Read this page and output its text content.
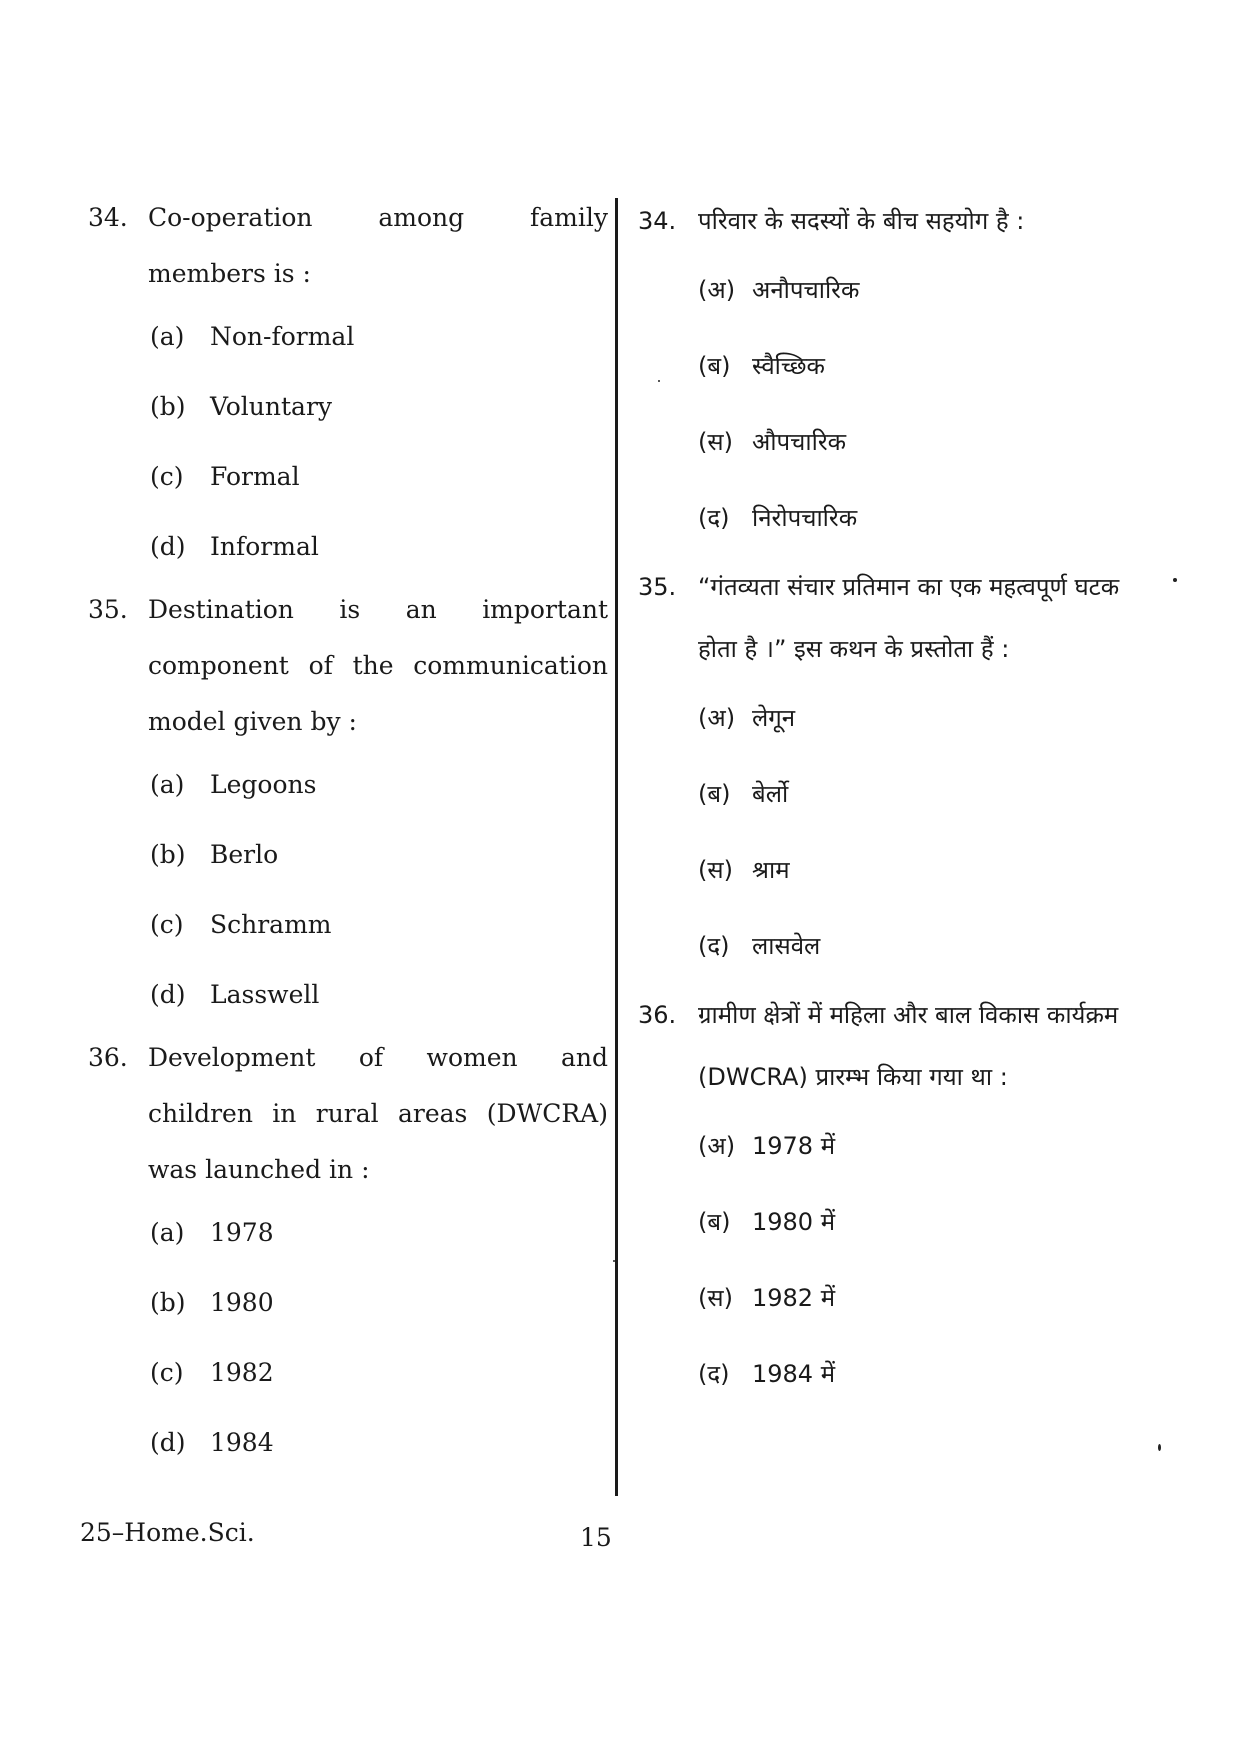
34. Co-operation among family members is :
(a)	Non-formal
(b) Voluntary
(c)	Formal
(d) Informal
35. Destination is an important component of the communication model given by :
(a)	Legoons
(b) Berlo
(c)	Schramm
(d) Lasswell
36. Development of women and children in rural areas (DWCRA) was launched in :
(a)	1978
(b) 1980
(c)	1982
(d) 1984
34. परिवार के सदस्यों के बीच सहयोग है :
(अ) अनौपचारिक
(ब) स्वैच्छिक
(स) औपचारिक
(द) निरोपचारिक
35. “गंतव्यता संचार प्रतिमान का एक महत्वपूर्ण घटक होता है ।” इस कथन के प्रस्तोता हैं :
(अ) लेगून
(ब) बेर्लो
(स) श्राम
(द) लासवेल
36. ग्रामीण क्षेत्रों में महिला और बाल विकास कार्यक्रम (DWCRA) प्रारम्भ किया गया था :
(अ) 1978 में
(ब) 1980 में
(स) 1982 में
(द) 1984 में
25–Home.Sci.	15
